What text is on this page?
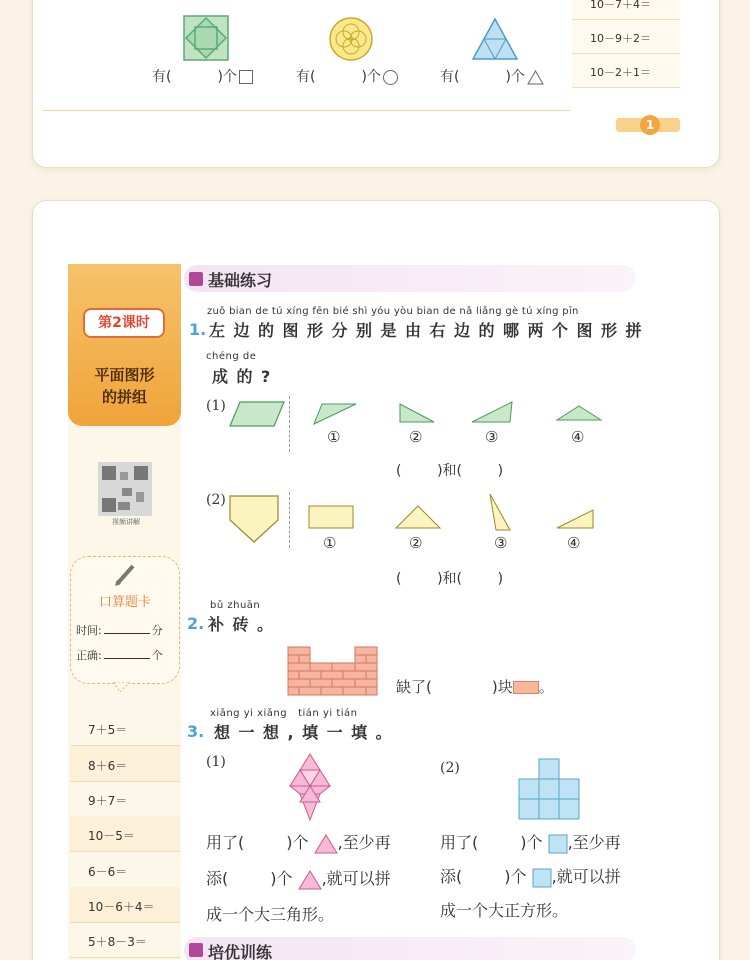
有(	)个	有(	)个	有(	)个
10－7＋4＝
10－9＋2＝
10－2＋1＝
1
第2课时
平面图形
的拼组
视频讲解
口算题卡
时间:	分
正确:	个
7＋5＝
8＋6＝
9＋7＝
10－5＝
6－6＝
10－6＋4＝
5＋8－3＝
基础练习
zuǒ bian de tú xíng fēn bié shì yóu yòu bian de nǎ liǎng gè tú xíng pīn
1. 左边的图形分别是由右边的哪两个图形拼
chéng de
成的?
(1)
①	②	③	④
(        )和(        )
(2)
①	②	③	④
(        )和(        )
bǔ zhuān
2. 补砖。
缺了(	)块 。
xiǎng yi xiǎng   tián yi tián
3. 想一想,填一填。
(1)
用了(	)个 ,至少再
添(	)个 ,就可以拼
成一个大三角形。
(2)
用了(	)个 ,至少再
添(	)个 ,就可以拼
成一个大正方形。
培优训练
